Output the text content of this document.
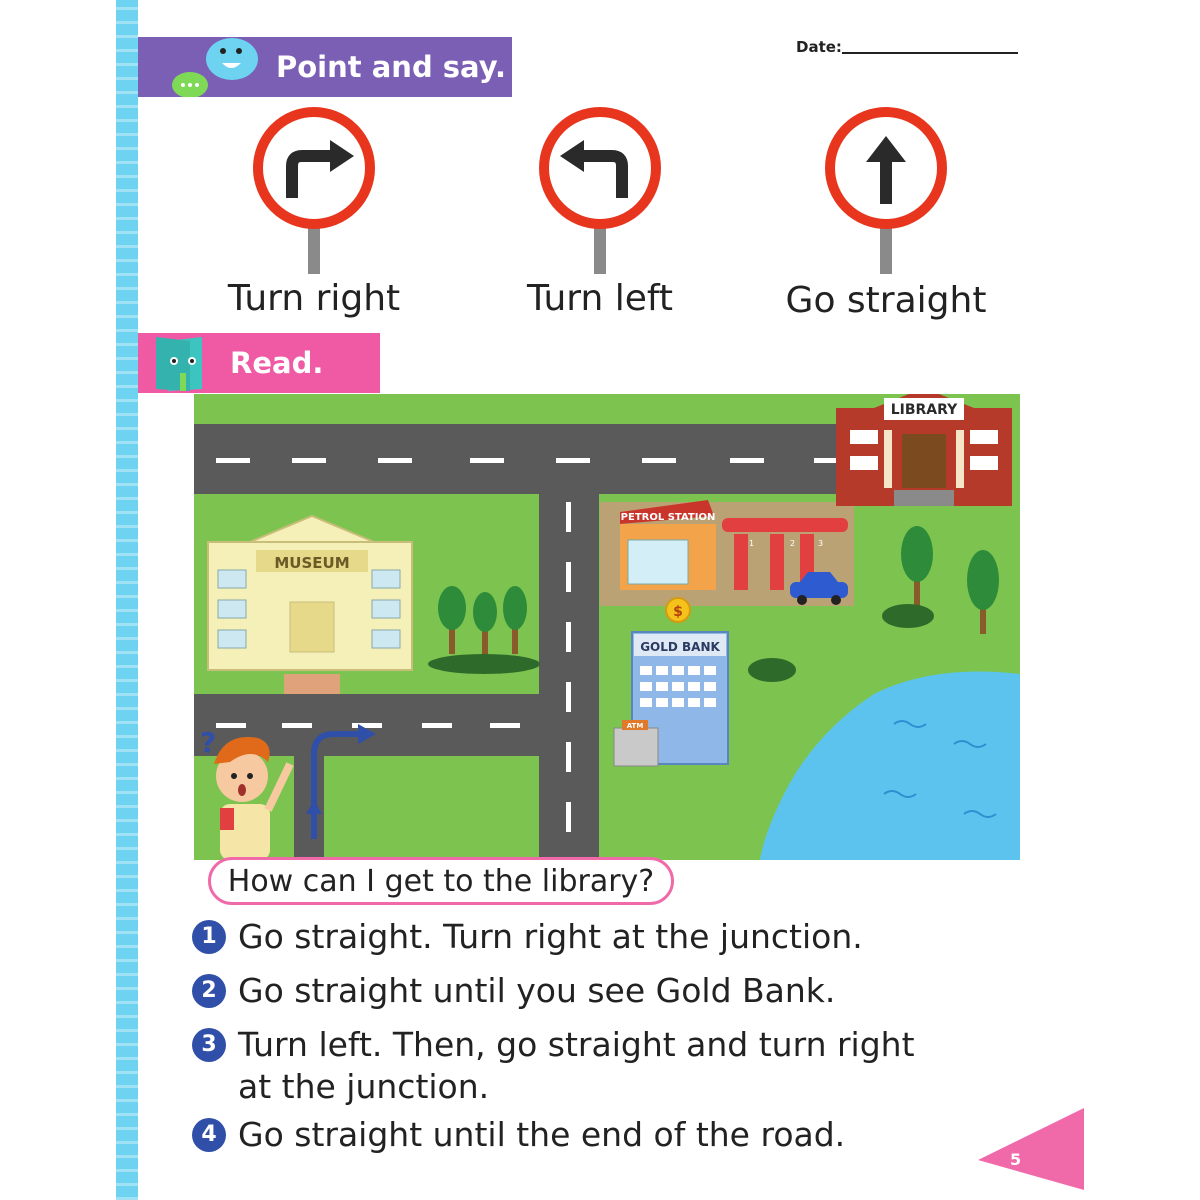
Point and say.
Date:
Turn right	Turn left	Go straight
Read.
MUSEUM
PETROL STATION
1	2	3
$
GOLD BANK
ATM
LIBRARY
?
How can I get to the library?
1 Go straight. Turn right at the junction.
2 Go straight until you see Gold Bank.
3 Turn left. Then, go straight and turn right at the junction.
4 Go straight until the end of the road.
5
